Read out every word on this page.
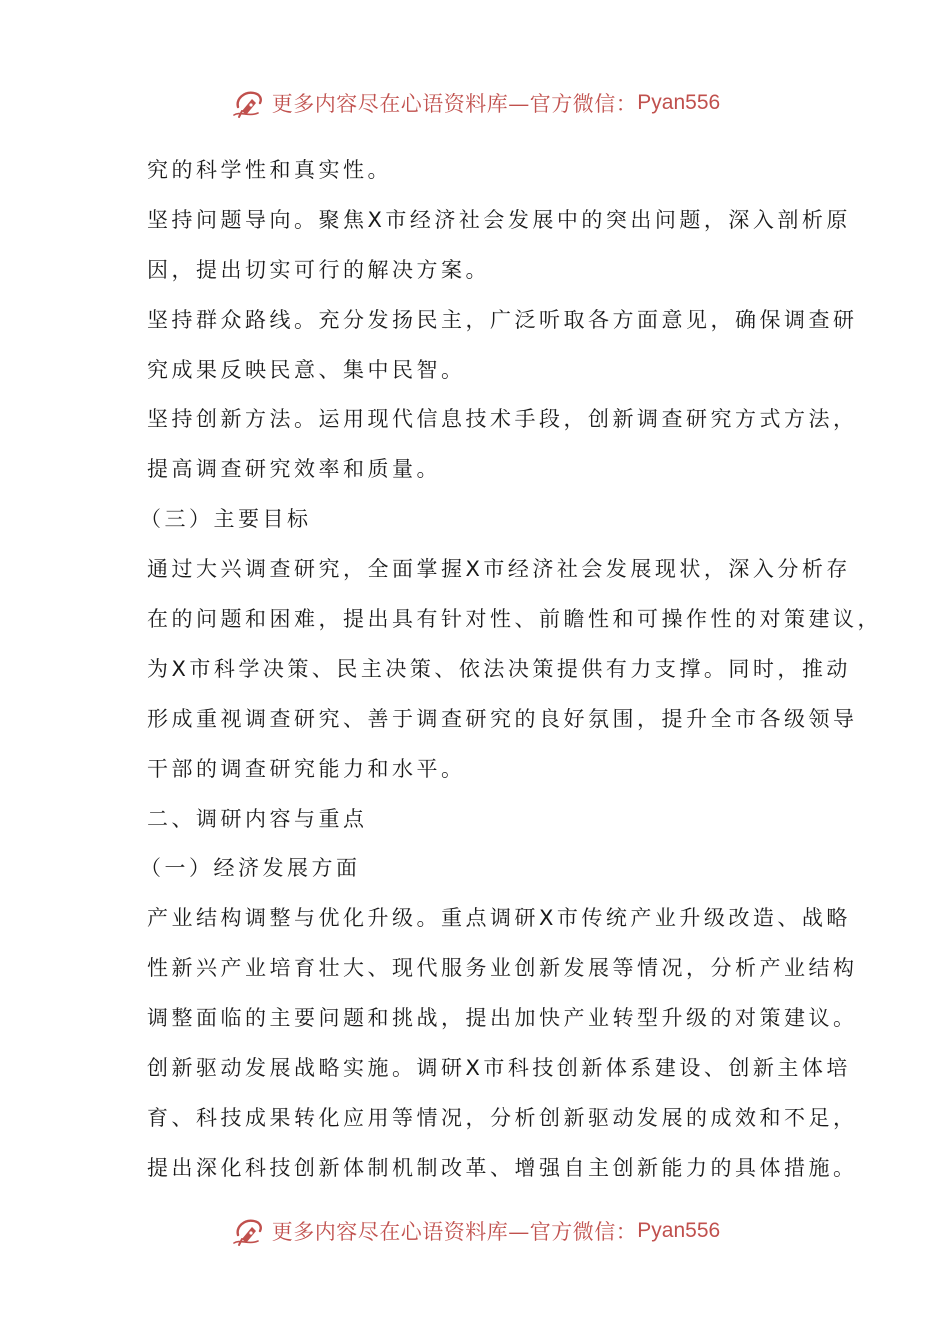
更多内容尽在心语资料库—官方微信： Pyan556
究的科学性和真实性。
坚持问题导向。聚焦X市经济社会发展中的突出问题，深入剖析原
因，提出切实可行的解决方案。
坚持群众路线。充分发扬民主，广泛听取各方面意见，确保调查研
究成果反映民意、集中民智。
坚持创新方法。运用现代信息技术手段，创新调查研究方式方法，
提高调查研究效率和质量。
（三）主要目标
通过大兴调查研究，全面掌握X市经济社会发展现状，深入分析存
在的问题和困难，提出具有针对性、前瞻性和可操作性的对策建议，
为X市科学决策、民主决策、依法决策提供有力支撑。同时，推动
形成重视调查研究、善于调查研究的良好氛围，提升全市各级领导
干部的调查研究能力和水平。
二、调研内容与重点
（一）经济发展方面
产业结构调整与优化升级。重点调研X市传统产业升级改造、战略
性新兴产业培育壮大、现代服务业创新发展等情况，分析产业结构
调整面临的主要问题和挑战，提出加快产业转型升级的对策建议。
创新驱动发展战略实施。调研X市科技创新体系建设、创新主体培
育、科技成果转化应用等情况，分析创新驱动发展的成效和不足，
提出深化科技创新体制机制改革、增强自主创新能力的具体措施。
更多内容尽在心语资料库—官方微信： Pyan556
